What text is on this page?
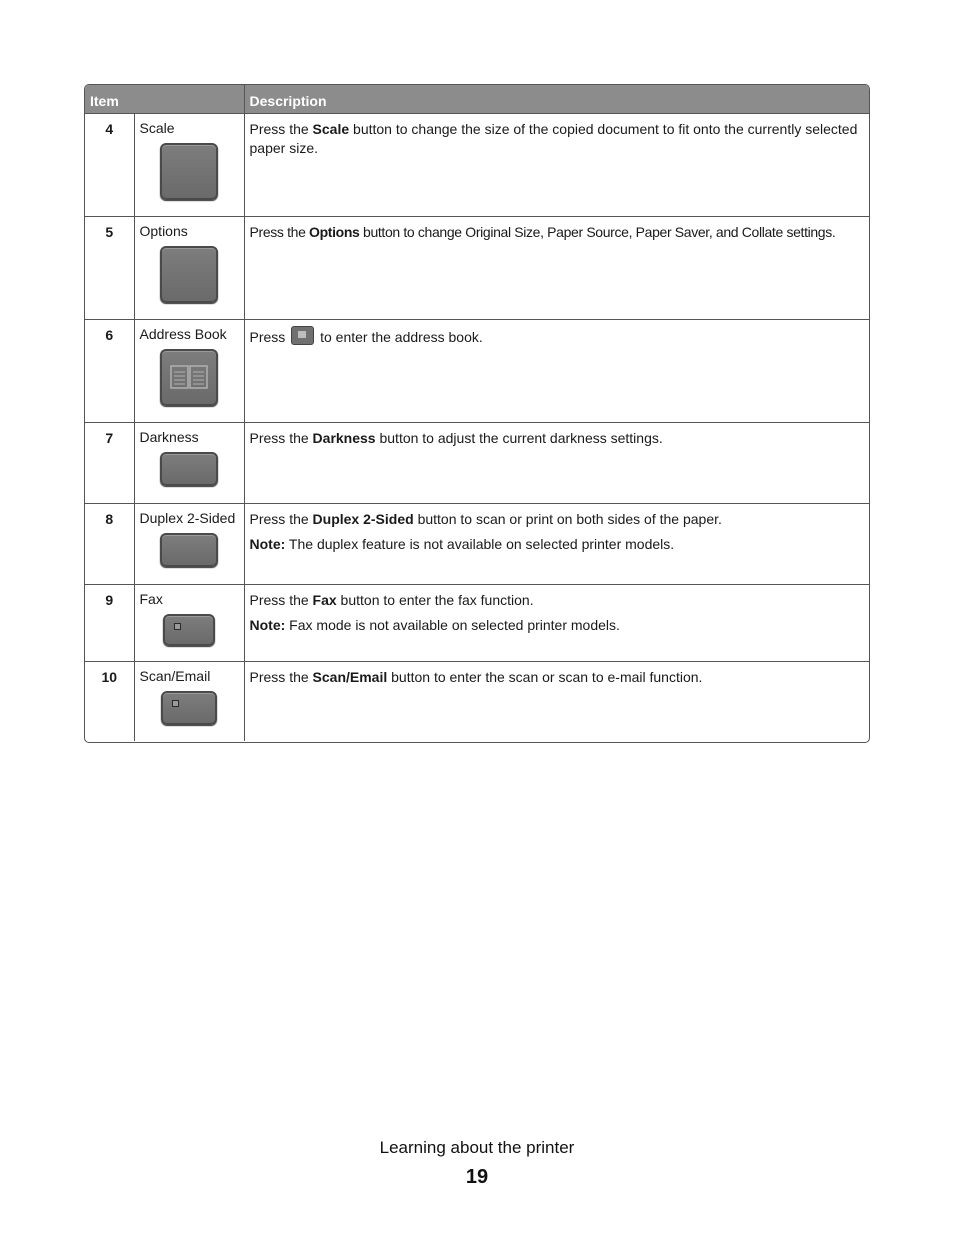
Item		Description
4	Scale	Press the Scale button to change the size of the copied document to fit onto the currently selected paper size.

5	Options	Press the Options button to change Original Size, Paper Source, Paper Saver, and Collate settings.

6	Address Book	Press  to enter the address book.

7	Darkness	Press the Darkness button to adjust the current darkness settings.

8	Duplex 2-Sided	Press the Duplex 2-Sided button to scan or print on both sides of the paper.

Note: The duplex feature is not available on selected printer models.

9	Fax	Press the Fax button to enter the fax function.

Note: Fax mode is not available on selected printer models.

10	Scan/Email	Press the Scan/Email button to enter the scan or scan to e-mail function.

Learning about the printer
19
